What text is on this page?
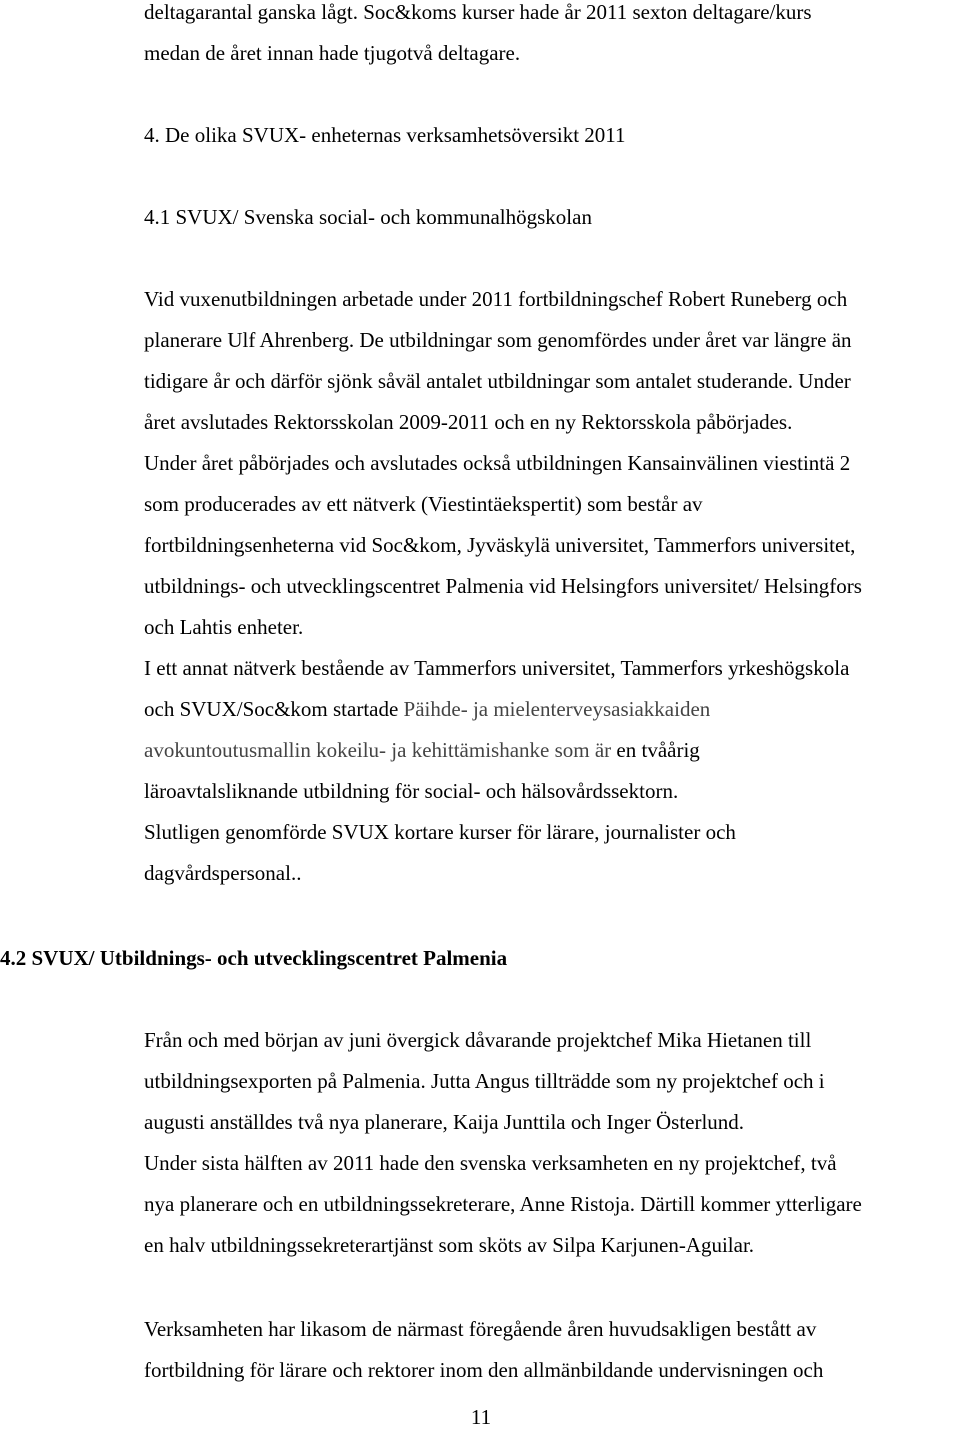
deltagarantal ganska lågt. Soc&koms kurser hade år 2011 sexton deltagare/kurs
medan de året innan hade tjugotvå deltagare.
4. De olika SVUX- enheternas verksamhetsöversikt 2011
4.1 SVUX/ Svenska social- och kommunalhögskolan
Vid vuxenutbildningen arbetade under 2011 fortbildningschef Robert Runeberg och
planerare Ulf Ahrenberg. De utbildningar som genomfördes under året var längre än
tidigare år och därför sjönk såväl antalet utbildningar som antalet studerande. Under
året avslutades Rektorsskolan 2009-2011 och en ny Rektorsskola påbörjades.
Under året påbörjades och avslutades också utbildningen Kansainvälinen viestintä 2
som producerades av ett nätverk (Viestintäekspertit) som består av
fortbildningsenheterna vid Soc&kom, Jyväskylä universitet, Tammerfors universitet,
utbildnings- och utvecklingscentret Palmenia vid Helsingfors universitet/ Helsingfors
och Lahtis enheter.
I ett annat nätverk bestående av Tammerfors universitet, Tammerfors yrkeshögskola
och SVUX/Soc&kom startade Päihde- ja mielenterveysasiakkaiden
avokuntoutusmallin kokeilu- ja kehittämishanke som är en tvåårig
läroavtalsliknande utbildning för social- och hälsovårdssektorn.
Slutligen genomförde SVUX kortare kurser för lärare, journalister och
dagvårdspersonal..
4.2 SVUX/ Utbildnings- och utvecklingscentret Palmenia
Från och med början av juni övergick dåvarande projektchef Mika Hietanen till
utbildningsexporten på Palmenia. Jutta Angus tillträdde som ny projektchef och i
augusti anställdes två nya planerare, Kaija Junttila och Inger Österlund.
Under sista hälften av 2011 hade den svenska verksamheten en ny projektchef, två
nya planerare och en utbildningssekreterare, Anne Ristoja. Därtill kommer ytterligare
en halv utbildningssekreterartjänst som sköts av Silpa Karjunen-Aguilar.
Verksamheten har likasom de närmast föregående åren huvudsakligen bestått av
fortbildning för lärare och rektorer inom den allmänbildande undervisningen och
11
